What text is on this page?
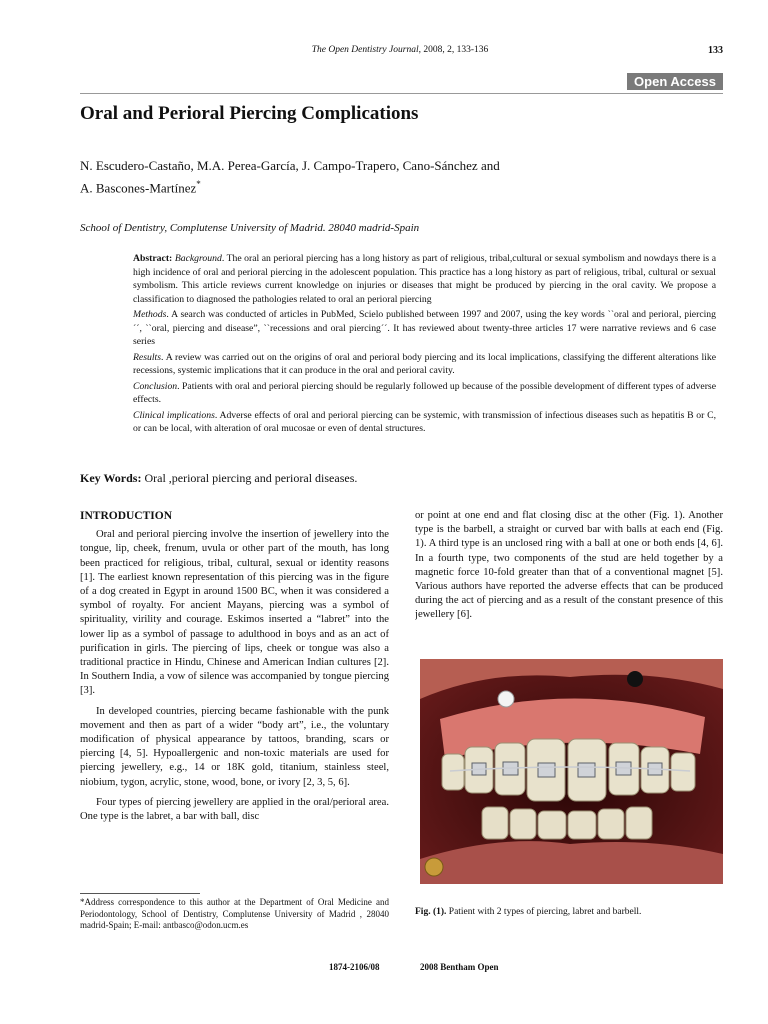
The Open Dentistry Journal, 2008, 2, 133-136	133
Open Access
Oral and Perioral Piercing Complications
N. Escudero-Castaño, M.A. Perea-García, J. Campo-Trapero, Cano-Sánchez and
A. Bascones-Martínez*
School of Dentistry, Complutense University of Madrid. 28040 madrid-Spain

Abstract: Background. The oral an perioral piercing has a long history as part of religious, tribal,cultural or sexual symbolism and nowdays there is a high incidence of oral and perioral piercing in the adolescent population. This practice has a long history as part of religious, tribal, cultural or sexual symbolism. This article reviews current knowledge on injuries or diseases that might be produced by piercing in the oral cavity. We propose a classification to diagnosed the pathologies related to oral an perioral piercing

Methods. A search was conducted of articles in PubMed, Scielo published between 1997 and 2007, using the key words ``oral and perioral, piercing ´´, ``oral, piercing and disease”, ``recessions and oral piercing´´. It has reviewed about twenty-three articles 17 were narrative reviews and 6 case series

Results. A review was carried out on the origins of oral and perioral body piercing and its local implications, classifying the different alterations like recessions, systemic implications that it can produce in the oral and perioral cavity.

Conclusion. Patients with oral and perioral piercing should be regularly followed up because of the possible development of different types of adverse effects.

Clinical implications. Adverse effects of oral and perioral piercing can be systemic, with transmission of infectious diseases such as hepatitis B or C, or can be local, with alteration of oral mucosae or even of dental structures.

Key Words: Oral ,perioral piercing and perioral diseases.
INTRODUCTION

Oral and perioral piercing involve the insertion of jewellery into the tongue, lip, cheek, frenum, uvula or other part of the mouth, has long been practiced for religious, tribal, cultural, sexual or identity reasons [1]. The earliest known representation of this piercing was in the figure of a dog created in Egypt in around 1500 BC, when it was considered a symbol of royalty. For ancient Mayans, piercing was a symbol of spirituality, virility and courage. Eskimos inserted a “labret” into the lower lip as a symbol of passage to adulthood in boys and as an act of purification in girls. The piercing of lips, cheek or tongue was also a traditional practice in Hindu, Chinese and American Indian cultures [2]. In Southern India, a vow of silence was accompanied by tongue piercing [3].

In developed countries, piercing became fashionable with the punk movement and then as part of a wider “body art”, i.e., the voluntary modification of physical appearance by tattoos, branding, scars or piercing [4, 5]. Hypoallergenic and non-toxic materials are used for piercing jewellery, e.g., 14 or 18K gold, titanium, stainless steel, niobium, tygon, acrylic, stone, wood, bone, or ivory [2, 3, 5, 6].

Four types of piercing jewellery are applied in the oral/perioral area. One type is the labret, a bar with ball, disc

or point at one end and flat closing disc at the other (Fig. 1). Another type is the barbell, a straight or curved bar with balls at each end (Fig. 1). A third type is an unclosed ring with a ball at one or both ends [4, 6]. In a fourth type, two components of the stud are held together by a magnetic force 10-fold greater than that of a conventional magnet [5]. Various authors have reported the adverse effects that can be produced during the act of piercing and as a result of the constant presence of this jewellery [6].

Fig. (1). Patient with 2 types of piercing, labret and barbell.
*Address correspondence to this author at the Department of Oral Medicine and Periodontology, School of Dentistry, Complutense University of Madrid , 28040 madrid-Spain; E-mail: antbasco@odon.ucm.es
1874-2106/08	2008 Bentham Open
